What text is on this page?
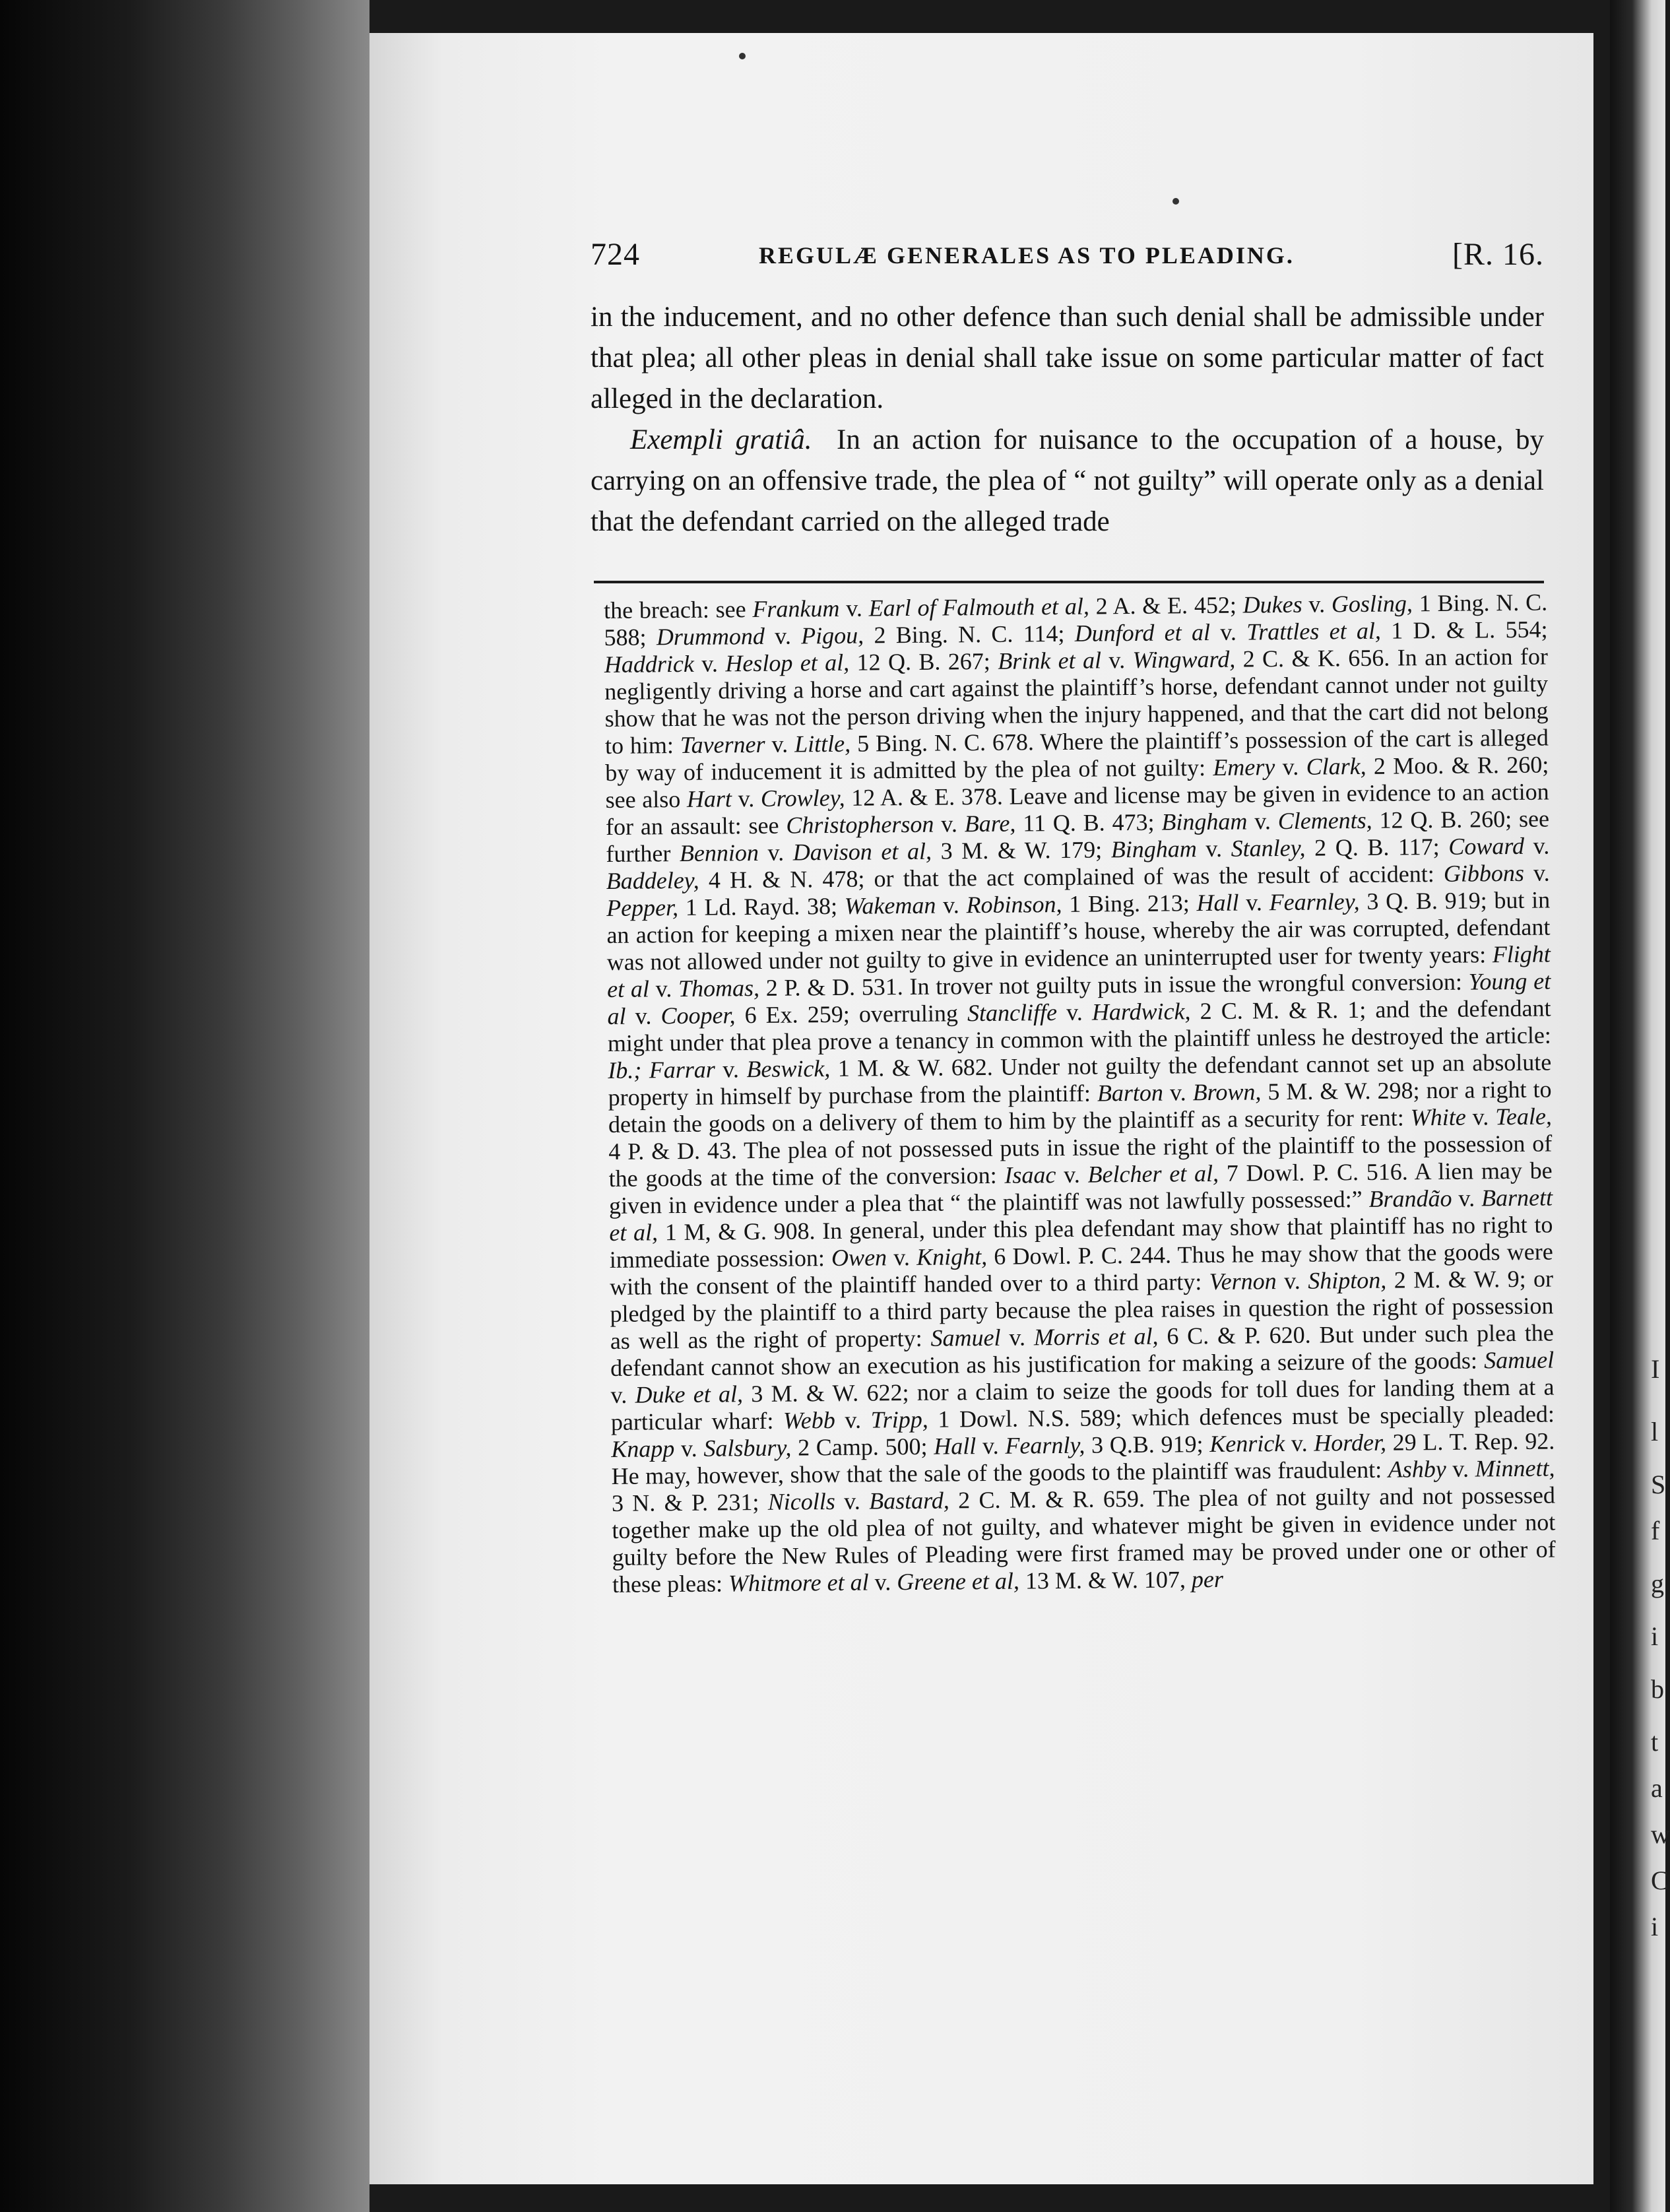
724	REGULÆ GENERALES AS TO PLEADING.	[R. 16.

in the inducement, and no other defence than such denial shall be admissible under that plea; all other pleas in denial shall take issue on some particular matter of fact alleged in the declaration.

Exempli gratiâ. In an action for nuisance to the occupation of a house, by carrying on an offensive trade, the plea of “ not guilty” will operate only as a denial that the defendant carried on the alleged trade

the breach: see Frankum v. Earl of Falmouth et al, 2 A. & E. 452; Dukes v. Gosling, 1 Bing. N. C. 588; Drummond v. Pigou, 2 Bing. N. C. 114; Dunford et al v. Trattles et al, 1 D. & L. 554; Haddrick v. Heslop et al, 12 Q. B. 267; Brink et al v. Wingward, 2 C. & K. 656. In an action for negligently driving a horse and cart against the plaintiff’s horse, defendant cannot under not guilty show that he was not the person driving when the injury happened, and that the cart did not belong to him: Taverner v. Little, 5 Bing. N. C. 678. Where the plaintiff’s possession of the cart is alleged by way of inducement it is admitted by the plea of not guilty: Emery v. Clark, 2 Moo. & R. 260; see also Hart v. Crowley, 12 A. & E. 378. Leave and license may be given in evidence to an action for an assault: see Christopherson v. Bare, 11 Q. B. 473; Bingham v. Clements, 12 Q. B. 260; see further Bennion v. Davison et al, 3 M. & W. 179; Bingham v. Stanley, 2 Q. B. 117; Coward v. Baddeley, 4 H. & N. 478; or that the act complained of was the result of accident: Gibbons v. Pepper, 1 Ld. Rayd. 38; Wakeman v. Robinson, 1 Bing. 213; Hall v. Fearnley, 3 Q. B. 919; but in an action for keeping a mixen near the plaintiff’s house, whereby the air was corrupted, defendant was not allowed under not guilty to give in evidence an uninterrupted user for twenty years: Flight et al v. Thomas, 2 P. & D. 531. In trover not guilty puts in issue the wrongful conversion: Young et al v. Cooper, 6 Ex. 259; overruling Stancliffe v. Hardwick, 2 C. M. & R. 1; and the defendant might under that plea prove a tenancy in common with the plaintiff unless he destroyed the article: Ib.; Farrar v. Beswick, 1 M. & W. 682. Under not guilty the defendant cannot set up an absolute property in himself by purchase from the plaintiff: Barton v. Brown, 5 M. & W. 298; nor a right to detain the goods on a delivery of them to him by the plaintiff as a security for rent: White v. Teale, 4 P. & D. 43. The plea of not possessed puts in issue the right of the plaintiff to the possession of the goods at the time of the conversion: Isaac v. Belcher et al, 7 Dowl. P. C. 516. A lien may be given in evidence under a plea that “ the plaintiff was not lawfully possessed:” Brandão v. Barnett et al, 1 M, & G. 908. In general, under this plea defendant may show that plaintiff has no right to immediate possession: Owen v. Knight, 6 Dowl. P. C. 244. Thus he may show that the goods were with the consent of the plaintiff handed over to a third party: Vernon v. Shipton, 2 M. & W. 9; or pledged by the plaintiff to a third party because the plea raises in question the right of possession as well as the right of property: Samuel v. Morris et al, 6 C. & P. 620. But under such plea the defendant cannot show an execution as his justification for making a seizure of the goods: Samuel v. Duke et al, 3 M. & W. 622; nor a claim to seize the goods for toll dues for landing them at a particular wharf: Webb v. Tripp, 1 Dowl. N.S. 589; which defences must be specially pleaded: Knapp v. Salsbury, 2 Camp. 500; Hall v. Fearnly, 3 Q.B. 919; Kenrick v. Horder, 29 L. T. Rep. 92. He may, however, show that the sale of the goods to the plaintiff was fraudulent: Ashby v. Minnett, 3 N. & P. 231; Nicolls v. Bastard, 2 C. M. & R. 659. The plea of not guilty and not possessed together make up the old plea of not guilty, and whatever might be given in evidence under not guilty before the New Rules of Pleading were first framed may be proved under one or other of these pleas: Whitmore et al v. Greene et al, 13 M. & W. 107, per

I
l
S
f
g
i
b
t
a
w
C
i
